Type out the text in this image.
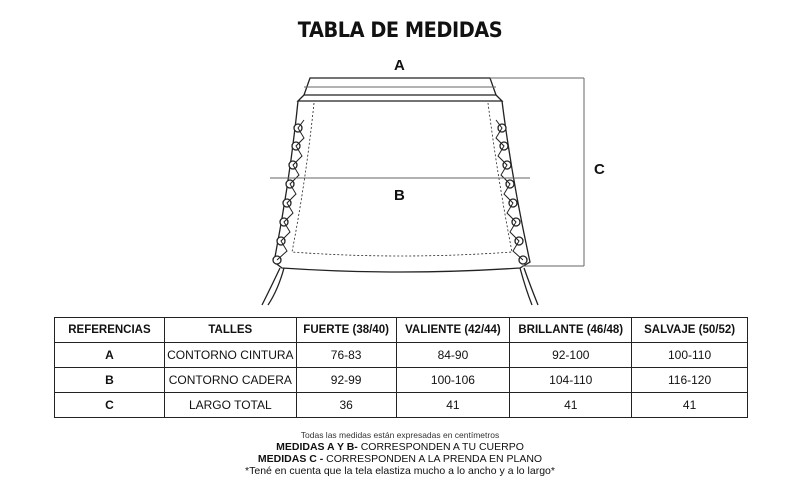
TABLA DE MEDIDAS
A
B
C
REFERENCIAS	TALLES	FUERTE (38/40)	VALIENTE (42/44)	BRILLANTE (46/48)	SALVAJE (50/52)
A	CONTORNO CINTURA	76-83	84-90	92-100	100-110
B	CONTORNO CADERA	92-99	100-106	104-110	116-120
C	LARGO TOTAL	36	41	41	41
Todas las medidas están expresadas en centímetros
MEDIDAS A Y B- CORRESPONDEN A TU CUERPO
MEDIDAS C - CORRESPONDEN A LA PRENDA EN PLANO
*Tené en cuenta que la tela elastiza mucho a lo ancho y a lo largo*
